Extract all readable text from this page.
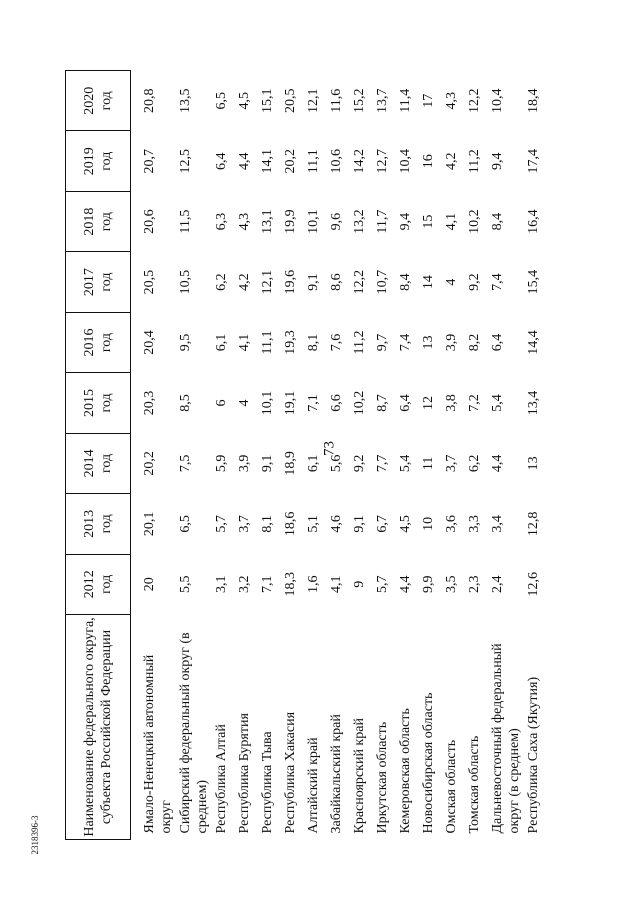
73
2318396-3	Наименование федерального округа, субъекта Российской Федерации	2012 год	2013 год	2014 год	2015 год	2016 год	2017 год	2018 год	2019 год	2020 год

Ямало-Ненецкий автономный округ	20	20,1	20,2	20,3	20,4	20,5	20,6	20,7	20,8
Сибирский федеральный округ (в среднем)	5,5	6,5	7,5	8,5	9,5	10,5	11,5	12,5	13,5
Республика Алтай	3,1	5,7	5,9	6	6,1	6,2	6,3	6,4	6,5
Республика Бурятия	3,2	3,7	3,9	4	4,1	4,2	4,3	4,4	4,5
Республика Тыва	7,1	8,1	9,1	10,1	11,1	12,1	13,1	14,1	15,1
Республика Хакасия	18,3	18,6	18,9	19,1	19,3	19,6	19,9	20,2	20,5
Алтайский край	1,6	5,1	6,1	7,1	8,1	9,1	10,1	11,1	12,1
Забайкальский край	4,1	4,6	5,6	6,6	7,6	8,6	9,6	10,6	11,6
Красноярский край	9	9,1	9,2	10,2	11,2	12,2	13,2	14,2	15,2
Иркутская область	5,7	6,7	7,7	8,7	9,7	10,7	11,7	12,7	13,7
Кемеровская область	4,4	4,5	5,4	6,4	7,4	8,4	9,4	10,4	11,4
Новосибирская область	9,9	10	11	12	13	14	15	16	17
Омская область	3,5	3,6	3,7	3,8	3,9	4	4,1	4,2	4,3
Томская область	2,3	3,3	6,2	7,2	8,2	9,2	10,2	11,2	12,2
Дальневосточный федеральный округ (в среднем)	2,4	3,4	4,4	5,4	6,4	7,4	8,4	9,4	10,4
Республика Саха (Якутия)	12,6	12,8	13	13,4	14,4	15,4	16,4	17,4	18,4
